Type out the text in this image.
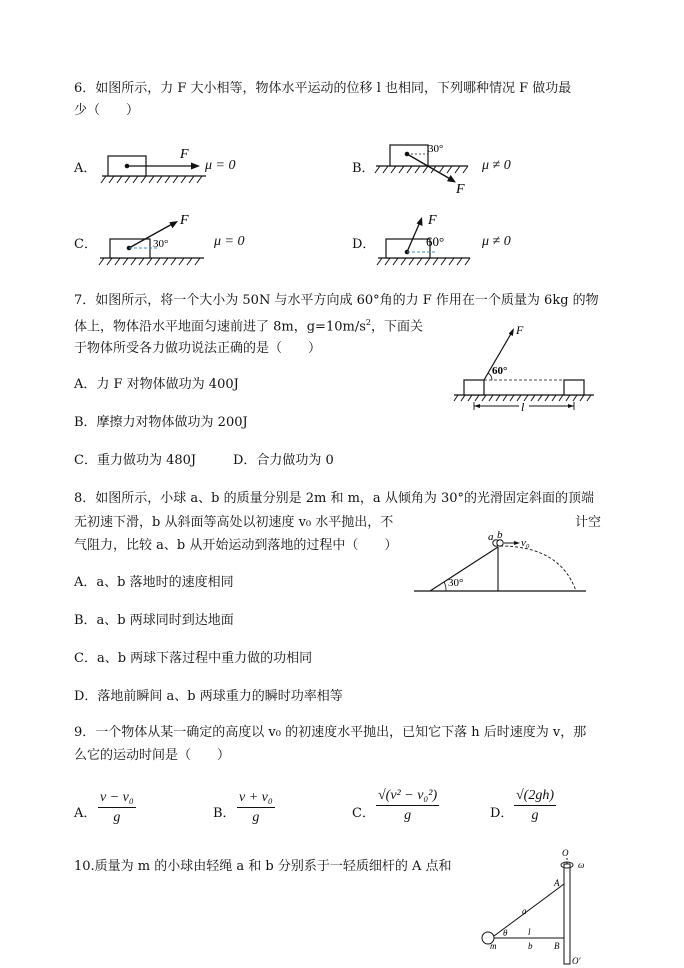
6．如图所示，力 F 大小相等，物体水平运动的位移 l 也相同，下列哪种情况 F 做功最
少（　　）
A．
F
μ = 0	B．
30°
F
μ ≠ 0
C．	30°
F
μ = 0	D．	60°
F
μ ≠ 0
7．如图所示，将一个大小为 50N 与水平方向成 60°角的力 F 作用在一个质量为 6kg 的物
体上，物体沿水平地面匀速前进了 8m，$g=10m/s^2$，下面关
于物体所受各力做功说法正确的是（　　）
A．力 F 对物体做功为 400J
B．摩擦力对物体做功为 200J
C．重力做功为 480J	D．合力做功为 0
60°
F
l
8．如图所示，小球 a、b 的质量分别是 2m 和 m，a 从倾角为 30°的光滑固定斜面的顶端
无初速下滑，b 从斜面等高处以初速度 v₀ 水平抛出，不	计空
气阻力，比较 a、b 从开始运动到落地的过程中（　　）
A．a、b 落地时的速度相同
B．a、b 两球同时到达地面
C．a、b 两球下落过程中重力做的功相同
D．落地前瞬间 a、b 两球重力的瞬时功率相等
30°
a b
v₀
9．一个物体从某一确定的高度以 v₀ 的初速度水平抛出，已知它下落 h 后时速度为 v，那
么它的运动时间是（　　）
A． $\frac{\text{v − v₀}}{g}$	B． $\frac{\text{v + v₀}}{g}$	C． $\frac{\text{√(v² − v₀²)}}{g}$	D． $\frac{√(2gh)}{g}$
10.质量为 m 的小球由轻绳 a 和 b 分别系于一轻质细杆的 A 点和
O
ω
A
a
θ l
m	b B
O′
